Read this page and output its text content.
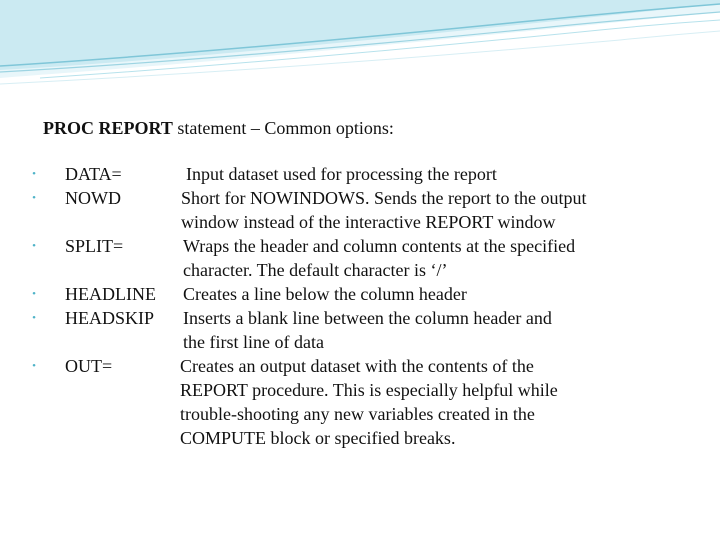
PROC REPORT statement – Common options:
• DATA=	Input dataset used for processing the report
• NOWD	Short for NOWINDOWS. Sends the report to the output
window instead of the interactive REPORT window
• SPLIT=	Wraps the header and column contents at the specified
character. The default character is ‘/’
• HEADLINE Creates a line below the column header
• HEADSKIP Inserts a blank line between the column header and
the first line of data
• OUT=	Creates an output dataset with the contents of the
REPORT procedure. This is especially helpful while
trouble-shooting any new variables created in the
COMPUTE block or specified breaks.
